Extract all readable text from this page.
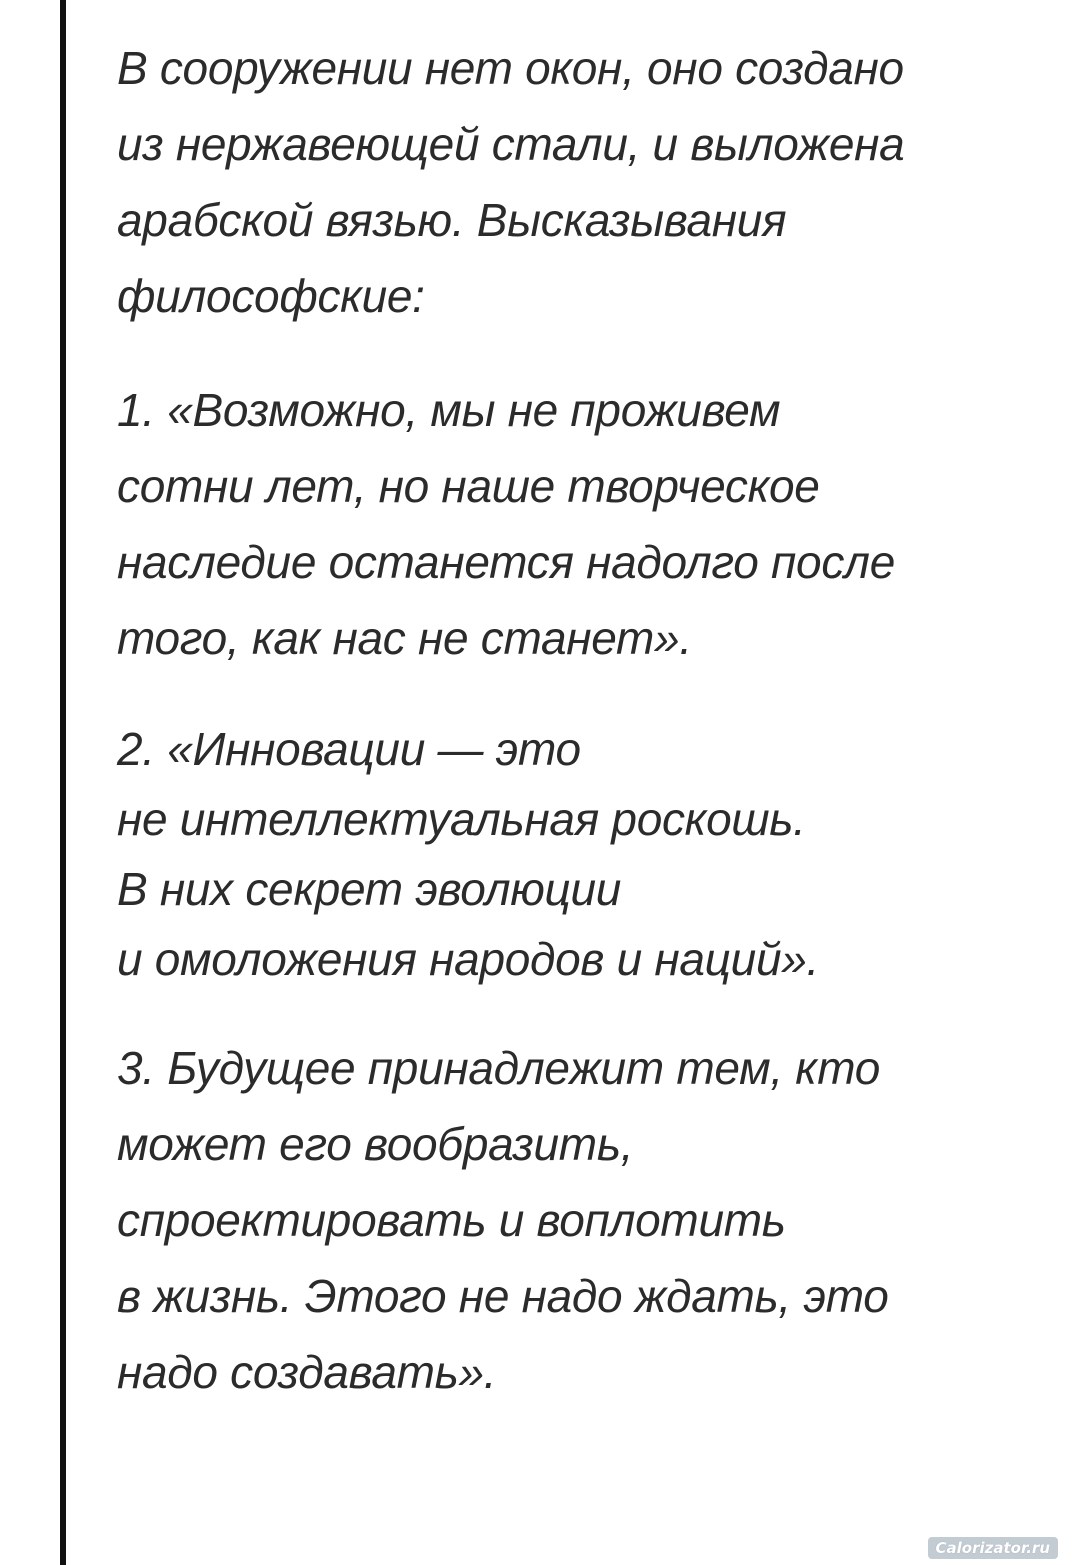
В сооружении нет окон, оно создано
из нержавеющей стали, и выложена
арабской вязью. Высказывания
философские:

1. «Возможно, мы не проживем
сотни лет, но наше творческое
наследие останется надолго после
того, как нас не станет».

2. «Инновации — это
не интеллектуальная роскошь.
В них секрет эволюции
и омоложения народов и наций».

3. Будущее принадлежит тем, кто
может его вообразить,
спроектировать и воплотить
в жизнь. Этого не надо ждать, это
надо создавать».

Calorizator.ru
